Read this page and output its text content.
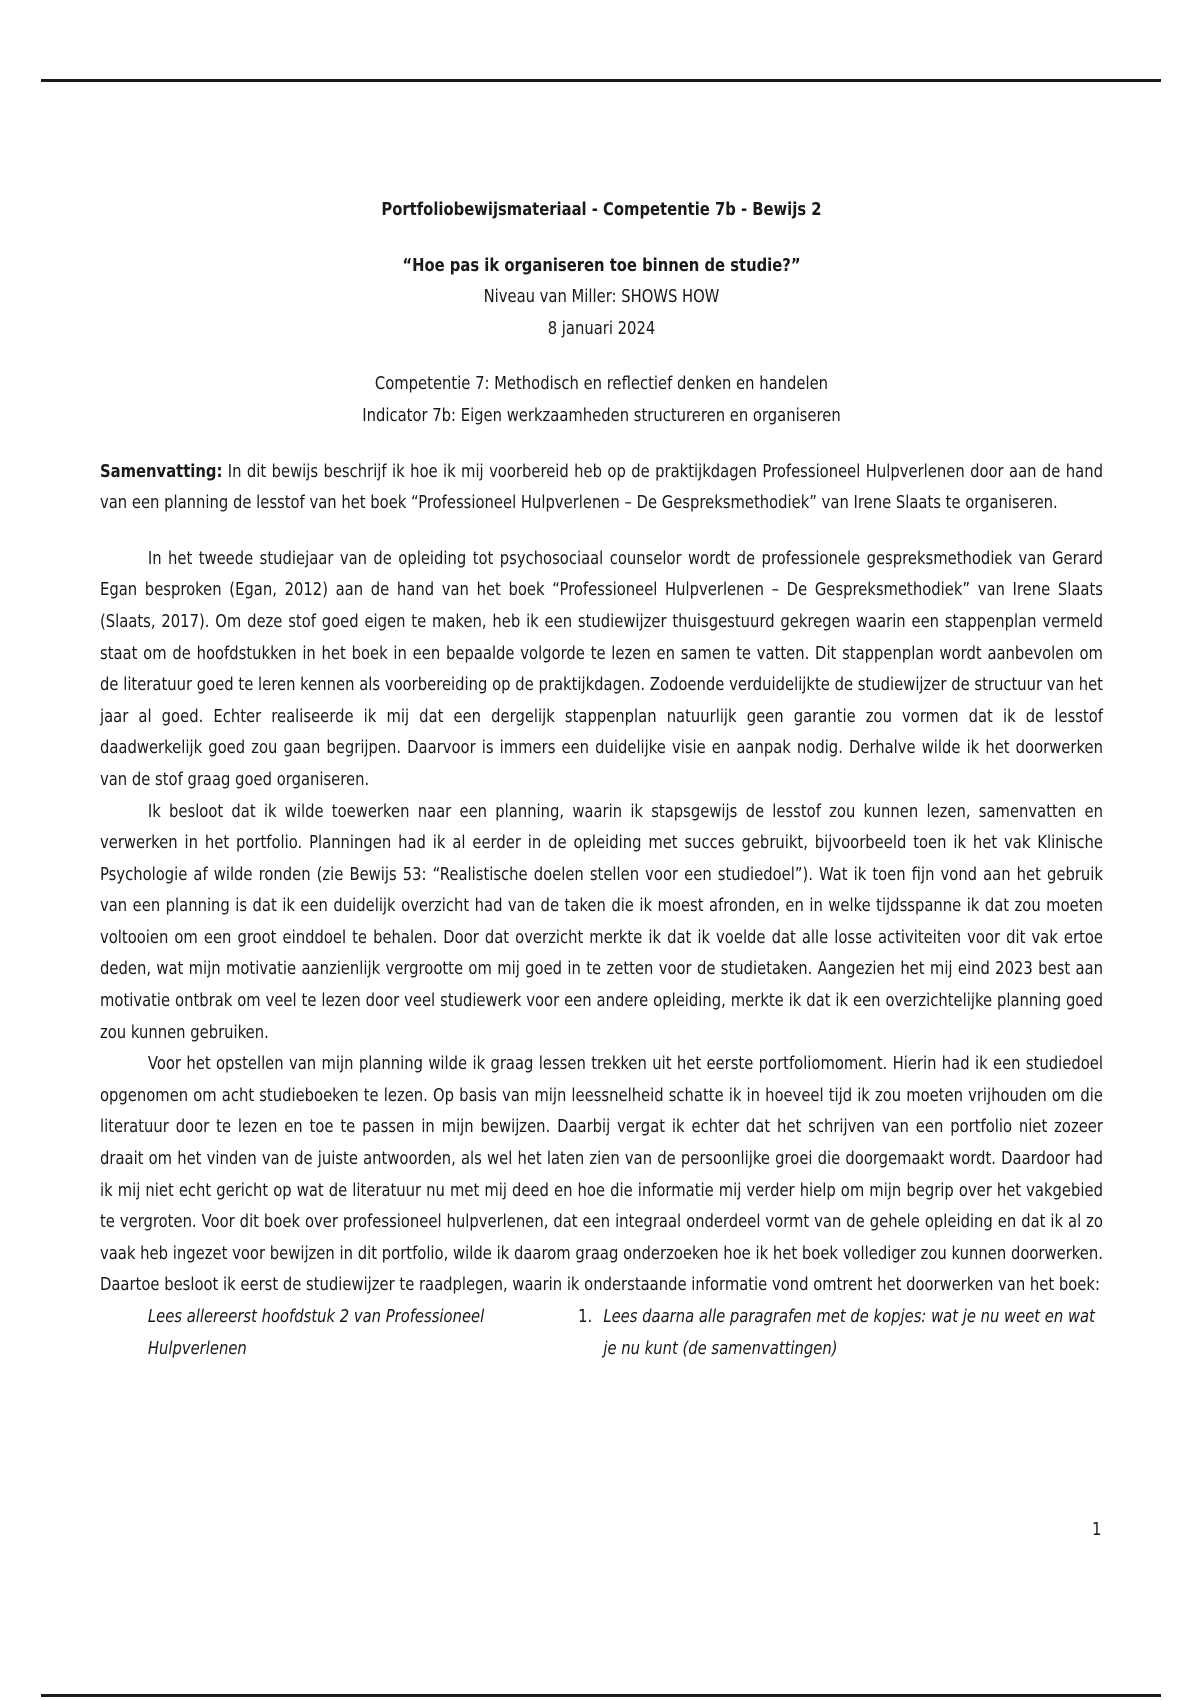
Portfoliobewijsmateriaal - Competentie 7b - Bewijs 2
“Hoe pas ik organiseren toe binnen de studie?”
Niveau van Miller: SHOWS HOW
8 januari 2024
Competentie 7: Methodisch en reflectief denken en handelen
Indicator 7b: Eigen werkzaamheden structureren en organiseren
Samenvatting: In dit bewijs beschrijf ik hoe ik mij voorbereid heb op de praktijkdagen Professioneel Hulpverlenen door aan de hand van een planning de lesstof van het boek “Professioneel Hulpverlenen – De Gespreksmethodiek” van Irene Slaats te organiseren.

In het tweede studiejaar van de opleiding tot psychosociaal counselor wordt de professionele gespreksmethodiek van Gerard Egan besproken (Egan, 2012) aan de hand van het boek “Professioneel Hulpverlenen – De Gespreksmethodiek” van Irene Slaats (Slaats, 2017). Om deze stof goed eigen te maken, heb ik een studiewijzer thuisgestuurd gekregen waarin een stappenplan vermeld staat om de hoofdstukken in het boek in een bepaalde volgorde te lezen en samen te vatten. Dit stappenplan wordt aanbevolen om de literatuur goed te leren kennen als voorbereiding op de praktijkdagen. Zodoende verduidelijkte de studiewijzer de structuur van het jaar al goed. Echter realiseerde ik mij dat een dergelijk stappenplan natuurlijk geen garantie zou vormen dat ik de lesstof daadwerkelijk goed zou gaan begrijpen. Daarvoor is immers een duidelijke visie en aanpak nodig. Derhalve wilde ik het doorwerken van de stof graag goed organiseren.

Ik besloot dat ik wilde toewerken naar een planning, waarin ik stapsgewijs de lesstof zou kunnen lezen, samenvatten en verwerken in het portfolio. Planningen had ik al eerder in de opleiding met succes gebruikt, bijvoorbeeld toen ik het vak Klinische Psychologie af wilde ronden (zie Bewijs 53: “Realistische doelen stellen voor een studiedoel”). Wat ik toen fijn vond aan het gebruik van een planning is dat ik een duidelijk overzicht had van de taken die ik moest afronden, en in welke tijdsspanne ik dat zou moeten voltooien om een groot einddoel te behalen. Door dat overzicht merkte ik dat ik voelde dat alle losse activiteiten voor dit vak ertoe deden, wat mijn motivatie aanzienlijk vergrootte om mij goed in te zetten voor de studietaken. Aangezien het mij eind 2023 best aan motivatie ontbrak om veel te lezen door veel studiewerk voor een andere opleiding, merkte ik dat ik een overzichtelijke planning goed zou kunnen gebruiken.

Voor het opstellen van mijn planning wilde ik graag lessen trekken uit het eerste portfoliomoment. Hierin had ik een studiedoel opgenomen om acht studieboeken te lezen. Op basis van mijn leessnelheid schatte ik in hoeveel tijd ik zou moeten vrijhouden om die literatuur door te lezen en toe te passen in mijn bewijzen. Daarbij vergat ik echter dat het schrijven van een portfolio niet zozeer draait om het vinden van de juiste antwoorden, als wel het laten zien van de persoonlijke groei die doorgemaakt wordt. Daardoor had ik mij niet echt gericht op wat de literatuur nu met mij deed en hoe die informatie mij verder hielp om mijn begrip over het vakgebied te vergroten. Voor dit boek over professioneel hulpverlenen, dat een integraal onderdeel vormt van de gehele opleiding en dat ik al zo vaak heb ingezet voor bewijzen in dit portfolio, wilde ik daarom graag onderzoeken hoe ik het boek vollediger zou kunnen doorwerken. Daartoe besloot ik eerst de studiewijzer te raadplegen, waarin ik onderstaande informatie vond omtrent het doorwerken van het boek:

Lees allereerst hoofdstuk 2 van Professioneel Hulpverlenen
1. Lees daarna alle paragrafen met de kopjes: wat je nu weet en wat je nu kunt (de samenvattingen)
1
